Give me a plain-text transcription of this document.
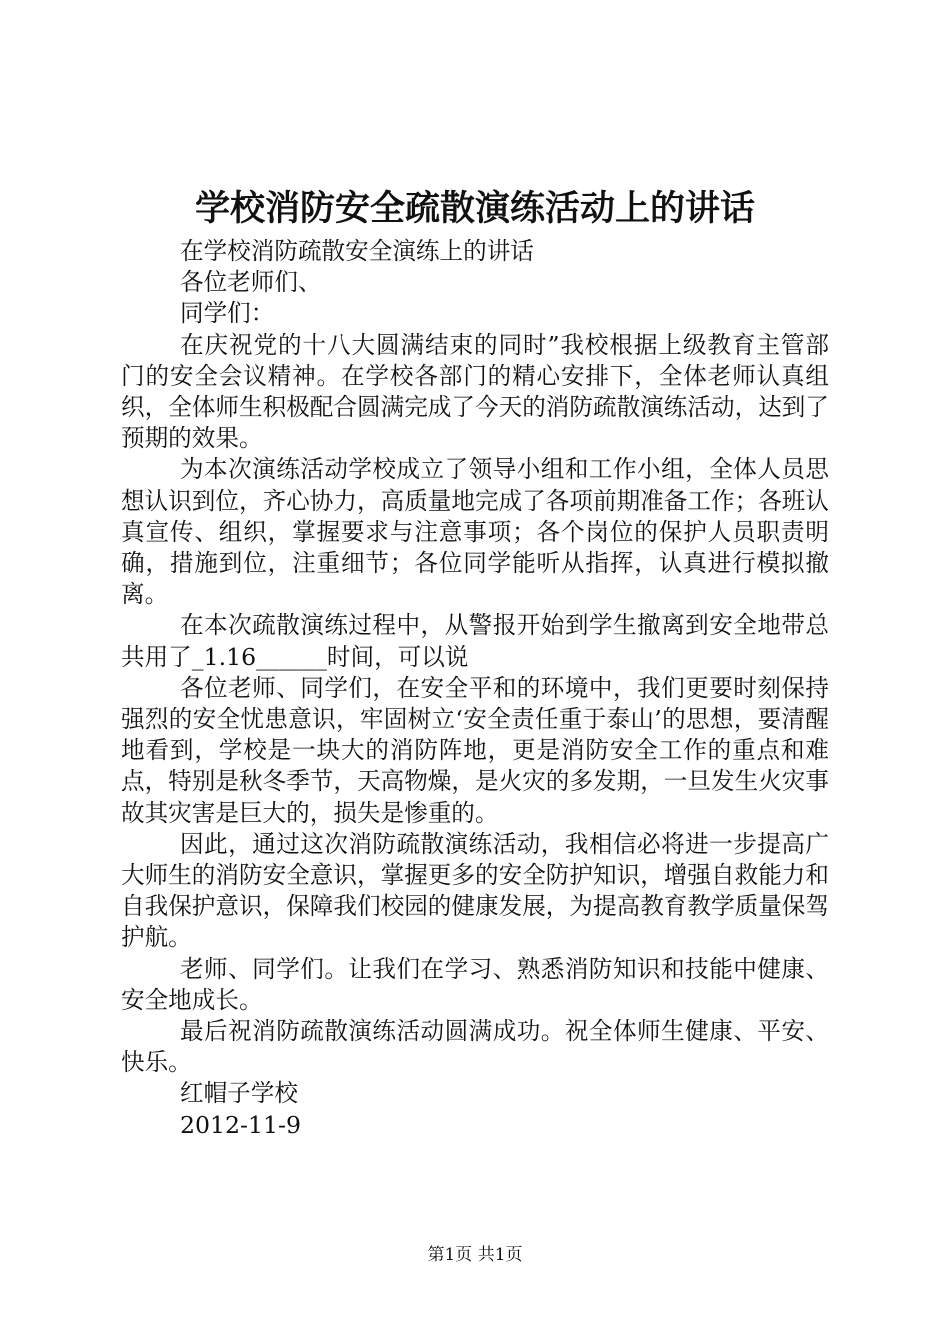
学校消防安全疏散演练活动上的讲话

在学校消防疏散安全演练上的讲话

各位老师们、

同学们：

在庆祝党的十八大圆满结束的同时”我校根据上级教育主管部门的安全会议精神。在学校各部门的精心安排下，全体老师认真组织，全体师生积极配合圆满完成了今天的消防疏散演练活动，达到了预期的效果。

为本次演练活动学校成立了领导小组和工作小组，全体人员思想认识到位，齐心协力，高质量地完成了各项前期准备工作；各班认真宣传、组织，掌握要求与注意事项；各个岗位的保护人员职责明确，措施到位，注重细节；各位同学能听从指挥，认真进行模拟撤离。

在本次疏散演练过程中，从警报开始到学生撤离到安全地带总共用了_1.16______时间，可以说

各位老师、同学们，在安全平和的环境中，我们更要时刻保持强烈的安全忧患意识，牢固树立‘安全责任重于泰山’的思想，要清醒地看到，学校是一块大的消防阵地，更是消防安全工作的重点和难点，特别是秋冬季节，天高物燥，是火灾的多发期，一旦发生火灾事故其灾害是巨大的，损失是惨重的。

因此，通过这次消防疏散演练活动，我相信必将进一步提高广大师生的消防安全意识，掌握更多的安全防护知识，增强自救能力和自我保护意识，保障我们校园的健康发展，为提高教育教学质量保驾护航。

老师、同学们。让我们在学习、熟悉消防知识和技能中健康、安全地成长。

最后祝消防疏散演练活动圆满成功。祝全体师生健康、平安、快乐。

红帽子学校

2012-11-9

第1页 共1页
